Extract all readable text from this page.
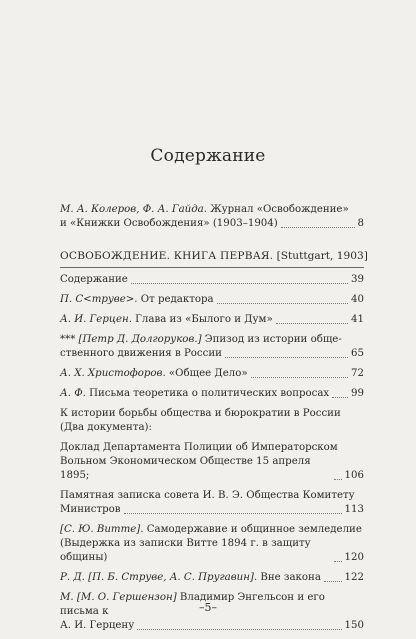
Содержание
М. А. Колеров, Ф. А. Гайда. Журнал «Освобождение»
и «Книжки Освобождения» (1903–1904)	8
ОСВОБОЖДЕНИЕ. КНИГА ПЕРВАЯ. [Stuttgart, 1903]
Содержание	39
П. С<труве>. От редактора	40
А. И. Герцен. Глава из «Былого и Дум»	41
*** [Петр Д. Долгоруков.] Эпизод из истории обще-
ственного движения в России	65
А. Х. Христофоров. «Общее Дело»	72
А. Ф. Письма теоретика о политических вопросах 99
К истории борьбы общества и бюрократии в России
(Два документа):
Доклад Департамента Полиции об Императорском
Вольном Экономическом Обществе 15 апреля 1895;	106
Памятная записка совета И. В. Э. Общества Комитету
Министров	113
[С. Ю. Витте]. Самодержавие и общинное земледелие
(Выдержка из записки Витте 1894 г. в защиту общины)	120
Р. Д. [П. Б. Струве, А. С. Пругавин]. Вне закона 122
М. [М. О. Гершензон] Владимир Энгельсон и его письма к
А. И. Герцену	150
–5–
